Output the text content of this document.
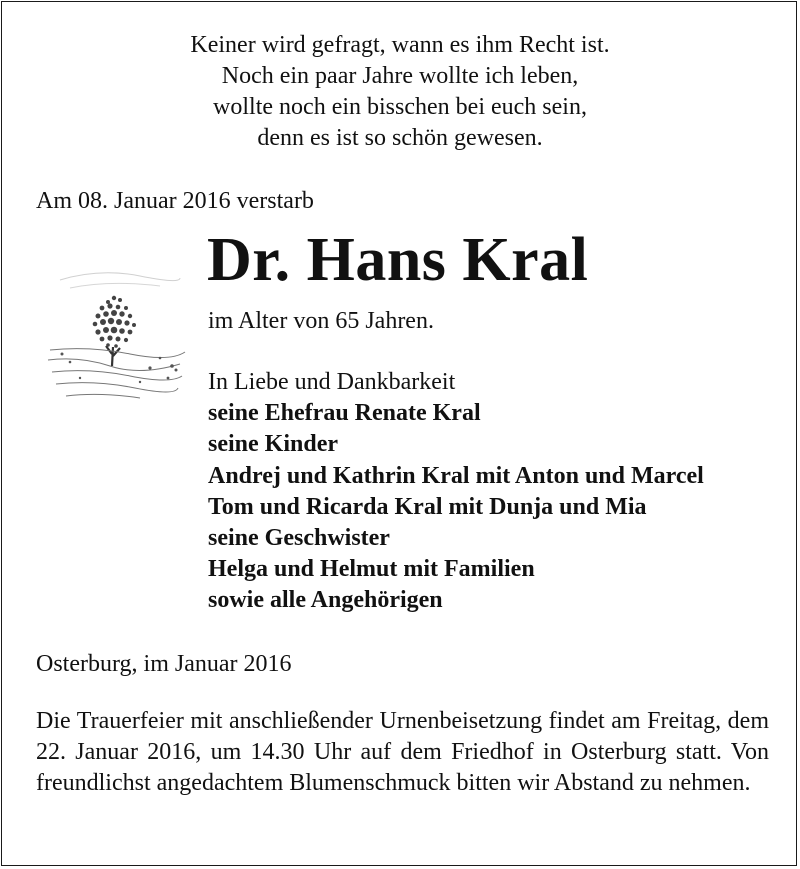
Keiner wird gefragt, wann es ihm Recht ist.
Noch ein paar Jahre wollte ich leben,
wollte noch ein bisschen bei euch sein,
denn es ist so schön gewesen.
Am 08. Januar 2016 verstarb
Dr. Hans Kral
im Alter von 65 Jahren.
In Liebe und Dankbarkeit
seine Ehefrau Renate Kral
seine Kinder
Andrej und Kathrin Kral mit Anton und Marcel
Tom und Ricarda Kral mit Dunja und Mia
seine Geschwister
Helga und Helmut mit Familien
sowie alle Angehörigen
Osterburg, im Januar 2016
Die Trauerfeier mit anschließender Urnenbeisetzung findet am Freitag, dem 22. Januar 2016, um 14.30 Uhr auf dem Friedhof in Osterburg statt. Von freundlichst angedachtem Blumenschmuck bitten wir Abstand zu nehmen.
